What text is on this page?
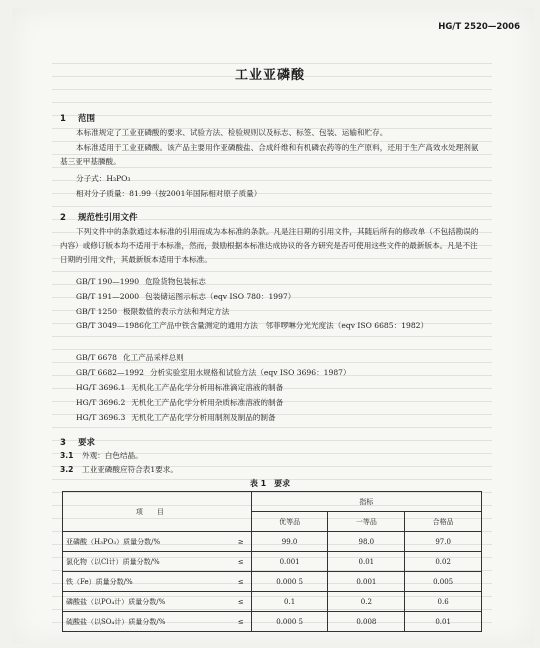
HG/T 2520—2006
工业亚磷酸
1 范围
本标准规定了工业亚磷酸的要求、试验方法、检验规则以及标志、标签、包装、运输和贮存。
本标准适用于工业亚磷酸。该产品主要用作亚磷酸盐、合成纤维和有机磷农药等的生产原料，还用于生产高效水处理剂氨基三亚甲基膦酸。
分子式：H₃PO₃
相对分子质量：81.99（按2001年国际相对原子质量）
2 规范性引用文件
下列文件中的条款通过本标准的引用而成为本标准的条款。凡是注日期的引用文件，其随后所有的修改单（不包括勘误的内容）或修订版本均不适用于本标准，然而，鼓励根据本标准达成协议的各方研究是否可使用这些文件的最新版本。凡是不注日期的引用文件，其最新版本适用于本标准。
GB/T 190—1990 危险货物包装标志
GB/T 191—2000 包装储运图示标志（eqv ISO 780：1997）
GB/T 1250 极限数值的表示方法和判定方法
GB/T 3049—1986化工产品中铁含量测定的通用方法　邻菲啰啉分光光度法（eqv ISO 6685：1982）
GB/T 6678 化工产品采样总则
GB/T 6682—1992 分析实验室用水规格和试验方法（eqv ISO 3696：1987）
HG/T 3696.1 无机化工产品化学分析用标准滴定溶液的制备
HG/T 3696.2 无机化工产品化学分析用杂质标准溶液的制备
HG/T 3696.3 无机化工产品化学分析用制剂及制品的制备
3 要求
3.1 外观：白色结晶。
3.2 工业亚磷酸应符合表1要求。
表 1　要求
项目		指标		
		优等品	一等品	合格品
亚磷酸（H₃PO₃）质量分数/%	≥	99.0	98.0	97.0
氯化物（以Cl计）质量分数/%	≤	0.001	0.01	0.02
铁（Fe）质量分数/%	≤	0.000 5	0.001	0.005
磷酸盐（以PO₄计）质量分数/%	≤	0.1	0.2	0.6
硫酸盐（以SO₄计）质量分数/%	≤	0.000 5	0.008	0.01
